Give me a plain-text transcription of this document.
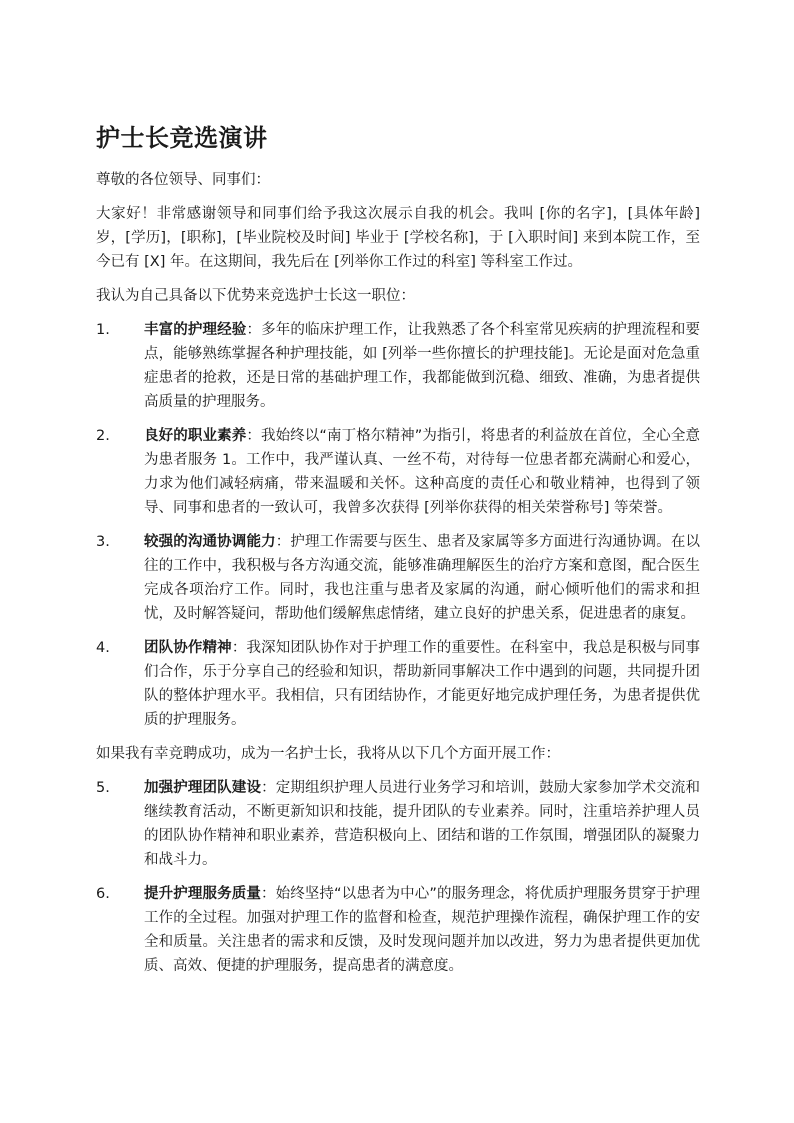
护士长竞选演讲

尊敬的各位领导、同事们：

大家好！非常感谢领导和同事们给予我这次展示自我的机会。我叫 [你的名字]，[具体年龄] 岁，[学历]，[职称]，[毕业院校及时间] 毕业于 [学校名称]，于 [入职时间] 来到本院工作，至今已有 [X] 年。在这期间，我先后在 [列举你工作过的科室] 等科室工作过。

我认为自己具备以下优势来竞选护士长这一职位：

1.	丰富的护理经验：多年的临床护理工作，让我熟悉了各个科室常见疾病的护理流程和要点，能够熟练掌握各种护理技能，如 [列举一些你擅长的护理技能]。无论是面对危急重症患者的抢救，还是日常的基础护理工作，我都能做到沉稳、细致、准确，为患者提供高质量的护理服务。
2.	良好的职业素养：我始终以“南丁格尔精神”为指引，将患者的利益放在首位，全心全意为患者服务 1。工作中，我严谨认真、一丝不苟，对待每一位患者都充满耐心和爱心，力求为他们减轻病痛，带来温暖和关怀。这种高度的责任心和敬业精神，也得到了领导、同事和患者的一致认可，我曾多次获得 [列举你获得的相关荣誉称号] 等荣誉。
3.	较强的沟通协调能力：护理工作需要与医生、患者及家属等多方面进行沟通协调。在以往的工作中，我积极与各方沟通交流，能够准确理解医生的治疗方案和意图，配合医生完成各项治疗工作。同时，我也注重与患者及家属的沟通，耐心倾听他们的需求和担忧，及时解答疑问，帮助他们缓解焦虑情绪，建立良好的护患关系，促进患者的康复。
4.	团队协作精神：我深知团队协作对于护理工作的重要性。在科室中，我总是积极与同事们合作，乐于分享自己的经验和知识，帮助新同事解决工作中遇到的问题，共同提升团队的整体护理水平。我相信，只有团结协作，才能更好地完成护理任务，为患者提供优质的护理服务。

如果我有幸竞聘成功，成为一名护士长，我将从以下几个方面开展工作：

5.	加强护理团队建设：定期组织护理人员进行业务学习和培训，鼓励大家参加学术交流和继续教育活动，不断更新知识和技能，提升团队的专业素养。同时，注重培养护理人员的团队协作精神和职业素养，营造积极向上、团结和谐的工作氛围，增强团队的凝聚力和战斗力。
6.	提升护理服务质量：始终坚持“以患者为中心”的服务理念，将优质护理服务贯穿于护理工作的全过程。加强对护理工作的监督和检查，规范护理操作流程，确保护理工作的安全和质量。关注患者的需求和反馈，及时发现问题并加以改进，努力为患者提供更加优质、高效、便捷的护理服务，提高患者的满意度。
